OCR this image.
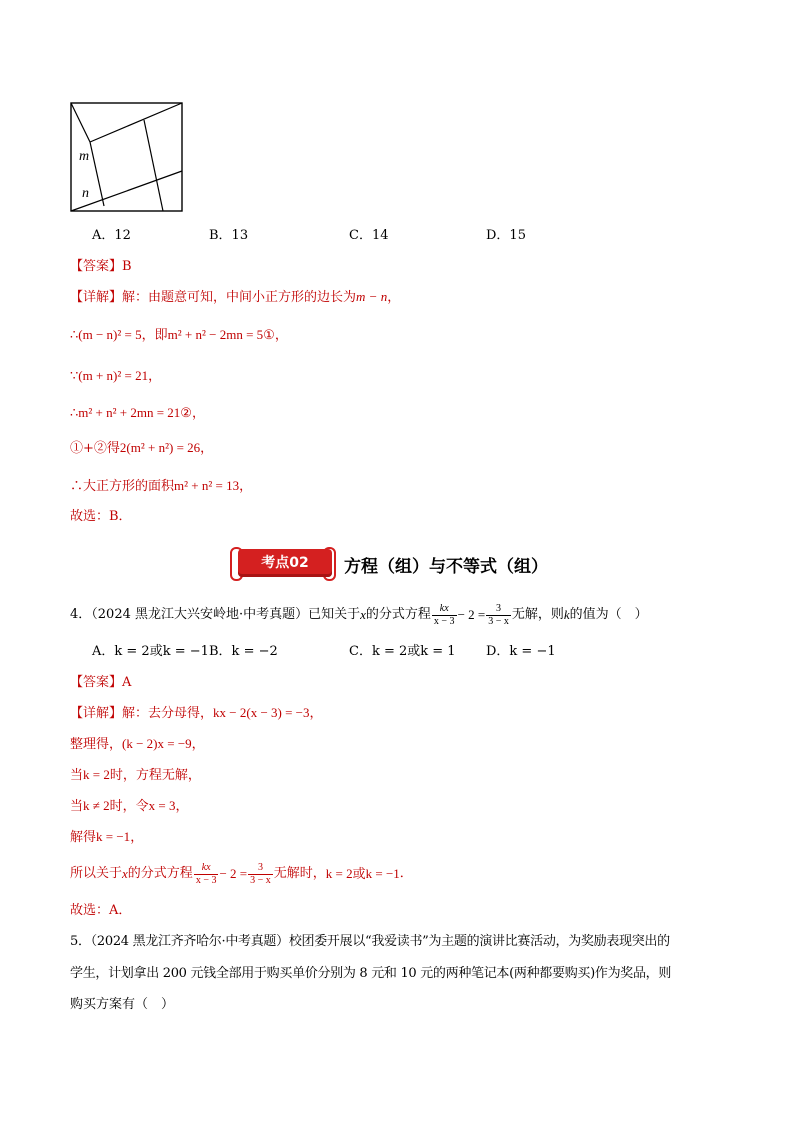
m
n
A．12	B．13	C．14	D．15
【答案】B
【详解】解：由题意可知，中间小正方形的边长为m − n，
∴(m − n)² = 5，即m² + n² − 2mn = 5①，
∵(m + n)² = 21，
∴m² + n² + 2mn = 21②，
①+②得2(m² + n²) = 26，
∴大正方形的面积m² + n² = 13，
故选：B．
考点02	方程（组）与不等式（组）
4．（2024 黑龙江大兴安岭地·中考真题）已知关于 x 的分式方程 $\frac{kx}{x - 3} - 2 = \frac{3}{3 - x}$ 无解，则 k 的值为（　）
A．k = 2或k = −1 B．k = −2	C．k = 2或k = 1 D．k = −1
【答案】A
【详解】解：去分母得，kx − 2(x − 3) = −3，
整理得，(k − 2)x = −9，
当k = 2时，方程无解，
当k ≠ 2时，令x = 3，
解得k = −1，
所以关于 x 的分式方程 $\frac{kx}{x - 3} - 2 = \frac{3}{3 - x}$ 无解时， k = 2或k = −1 ．
故选：A．
5．（2024 黑龙江齐齐哈尔·中考真题）校团委开展以“我爱读书”为主题的演讲比赛活动，为奖励表现突出的
学生，计划拿出 200 元钱全部用于购买单价分别为 8 元和 10 元的两种笔记本(两种都要购买)作为奖品，则
购买方案有（　）
